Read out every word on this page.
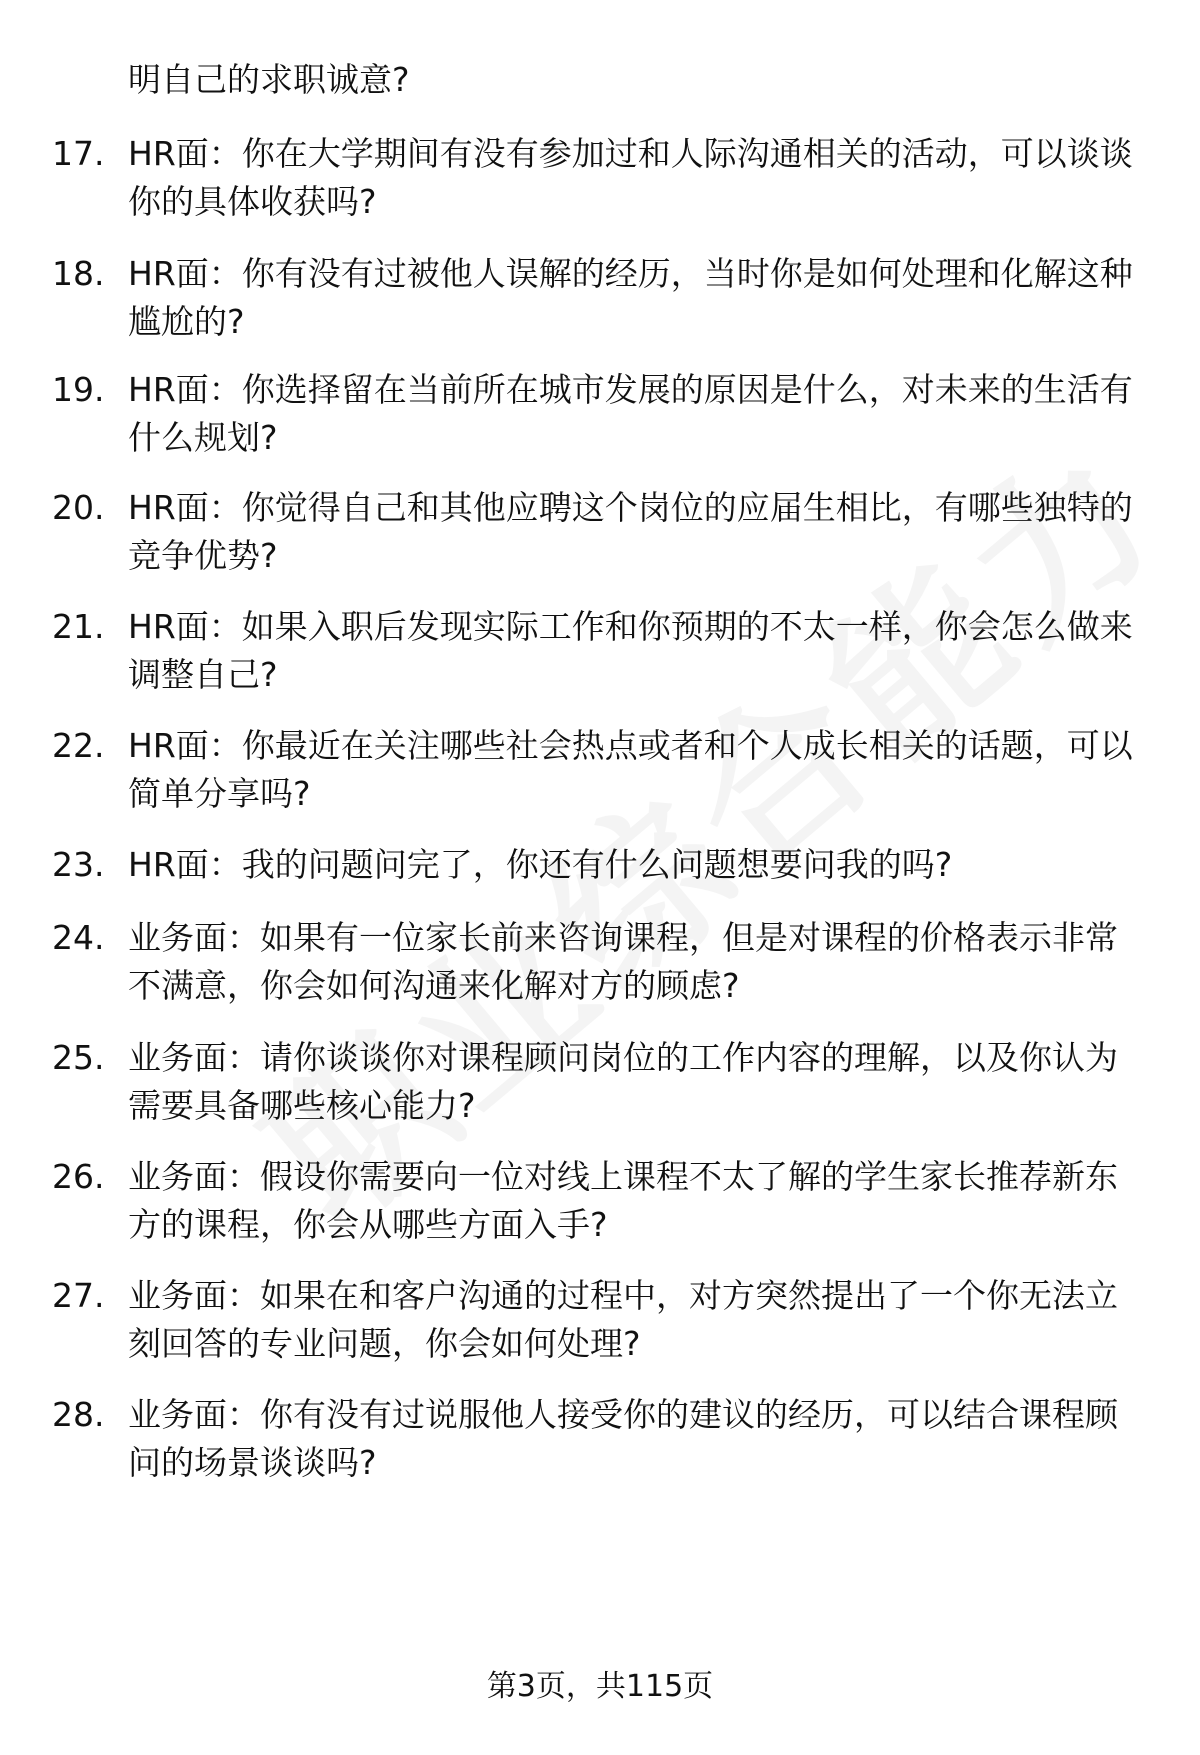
明自己的求职诚意?
17. HR面：你在大学期间有没有参加过和人际沟通相关的活动，可以谈谈你的具体收获吗?
18. HR面：你有没有过被他人误解的经历，当时你是如何处理和化解这种尴尬的?
19. HR面：你选择留在当前所在城市发展的原因是什么，对未来的生活有什么规划?
20. HR面：你觉得自己和其他应聘这个岗位的应届生相比，有哪些独特的竞争优势?
21. HR面：如果入职后发现实际工作和你预期的不太一样，你会怎么做来调整自己?
22. HR面：你最近在关注哪些社会热点或者和个人成长相关的话题，可以简单分享吗?
23. HR面：我的问题问完了，你还有什么问题想要问我的吗?
24. 业务面：如果有一位家长前来咨询课程，但是对课程的价格表示非常不满意，你会如何沟通来化解对方的顾虑?
25. 业务面：请你谈谈你对课程顾问岗位的工作内容的理解，以及你认为需要具备哪些核心能力?
26. 业务面：假设你需要向一位对线上课程不太了解的学生家长推荐新东方的课程，你会从哪些方面入手?
27. 业务面：如果在和客户沟通的过程中，对方突然提出了一个你无法立刻回答的专业问题，你会如何处理?
28. 业务面：你有没有过说服他人接受你的建议的经历，可以结合课程顾问的场景谈谈吗?
第3页，共115页
